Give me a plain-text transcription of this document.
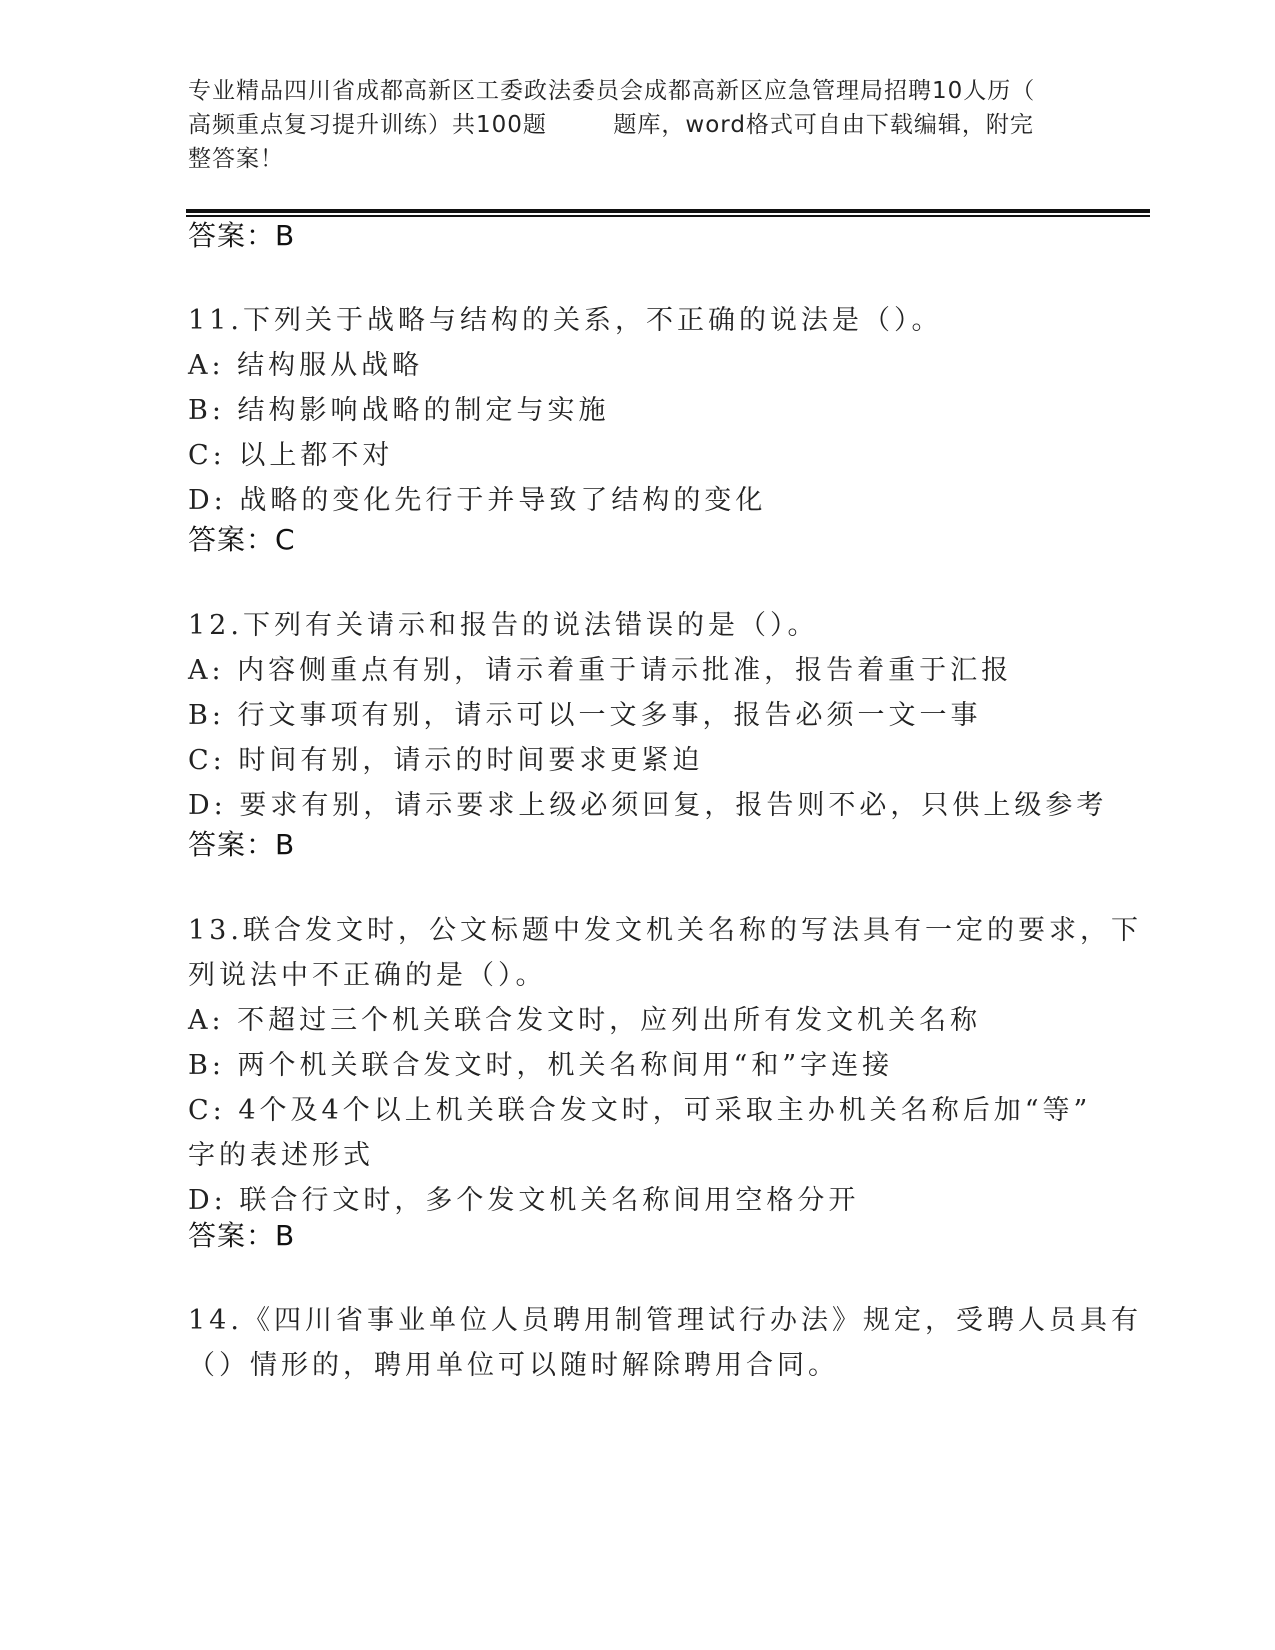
专业精品四川省成都高新区工委政法委员会成都高新区应急管理局招聘10人历（
高频重点复习提升训练）共100题        题库，word格式可自由下载编辑，附完
整答案！
答案：B
11.下列关于战略与结构的关系，不正确的说法是（）。
A: 结构服从战略
B: 结构影响战略的制定与实施
C: 以上都不对
D: 战略的变化先行于并导致了结构的变化
答案：C
12.下列有关请示和报告的说法错误的是（）。
A: 内容侧重点有别，请示着重于请示批准，报告着重于汇报
B: 行文事项有别，请示可以一文多事，报告必须一文一事
C: 时间有别，请示的时间要求更紧迫
D: 要求有别，请示要求上级必须回复，报告则不必，只供上级参考
答案：B
13.联合发文时，公文标题中发文机关名称的写法具有一定的要求，下
列说法中不正确的是（）。
A: 不超过三个机关联合发文时，应列出所有发文机关名称
B: 两个机关联合发文时，机关名称间用“和”字连接
C: 4个及4个以上机关联合发文时，可采取主办机关名称后加“等”
字的表述形式
D: 联合行文时，多个发文机关名称间用空格分开
答案：B
14.《四川省事业单位人员聘用制管理试行办法》规定，受聘人员具有
（）情形的，聘用单位可以随时解除聘用合同。
